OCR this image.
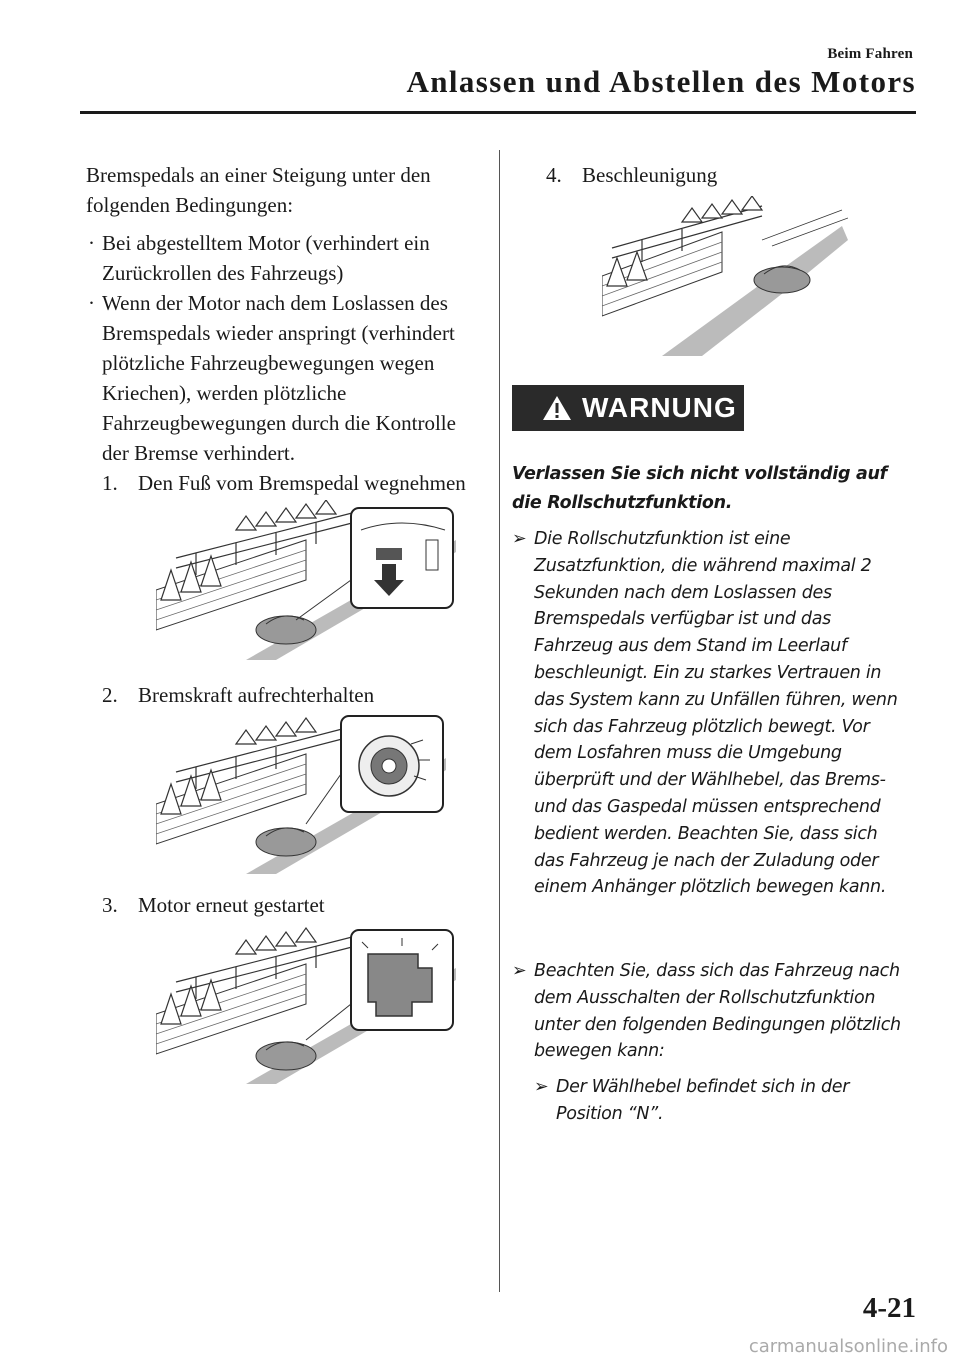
Beim Fahren
Anlassen und Abstellen des Motors

Bremspedals an einer Steigung unter den folgenden Bedingungen:

· Bei abgestelltem Motor (verhindert ein Zurückrollen des Fahrzeugs)
· Wenn der Motor nach dem Loslassen des Bremspedals wieder anspringt (verhindert plötzliche Fahrzeugbewegungen wegen Kriechen), werden plötzliche Fahrzeugbewegungen durch die Kontrolle der Bremse verhindert.
1. Den Fuß vom Bremspedal wegnehmen
2. Bremskraft aufrechterhalten
3. Motor erneut gestartet
4. Beschleunigung
WARNUNG
Verlassen Sie sich nicht vollständig auf die Rollschutzfunktion.
➢ Die Rollschutzfunktion ist eine Zusatzfunktion, die während maximal 2 Sekunden nach dem Loslassen des Bremspedals verfügbar ist und das Fahrzeug aus dem Stand im Leerlauf beschleunigt. Ein zu starkes Vertrauen in das System kann zu Unfällen führen, wenn sich das Fahrzeug plötzlich bewegt. Vor dem Losfahren muss die Umgebung überprüft und der Wählhebel, das Brems- und das Gaspedal müssen entsprechend bedient werden. Beachten Sie, dass sich das Fahrzeug je nach der Zuladung oder einem Anhänger plötzlich bewegen kann.
➢ Beachten Sie, dass sich das Fahrzeug nach dem Ausschalten der Rollschutzfunktion unter den folgenden Bedingungen plötzlich bewegen kann:
➢ Der Wählhebel befindet sich in der Position “N”.
4-21
carmanualsonline.info
